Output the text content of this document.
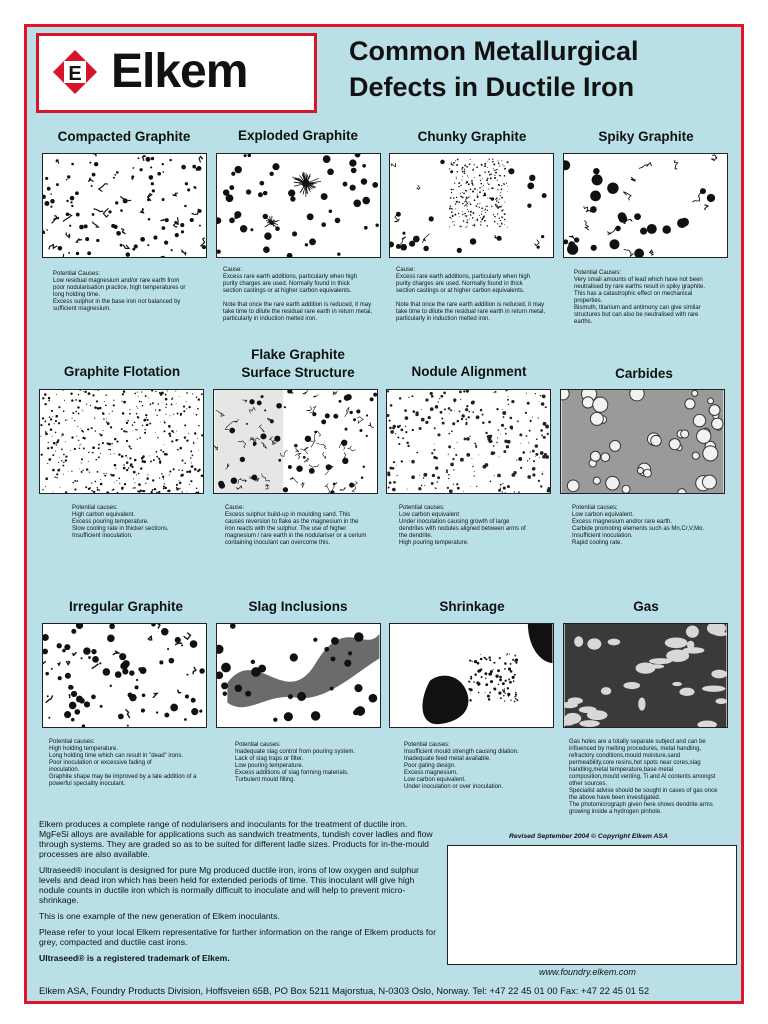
E Elkem	Common Metallurgical
Defects in Ductile Iron
Compacted Graphite	Exploded Graphite	Chunky Graphite	Spiky Graphite
Potential Causes:
Low residual magnesium and/or rare earth from
poor nodularisation practice, high temperatures or
long holding time.
Excess sulphur in the base iron not balanced by
sufficient magnesium.
Cause:
Excess rare earth additions, particularly when high
purity charges are used. Normally found in thick
section castings or at higher carbon equivalents.

Note that once the rare earth addition is reduced, it may
take time to dilute the residual rare earth in return metal,
particularly in induction melted iron.
Cause:
Excess rare earth additions, particularly when high
purity charges are used. Normally found in thick
section castings or at higher carbon equivalents.

Note that once the rare earth addition is reduced, it may
take time to dilute the residual rare earth in return metal,
particularly in induction melted iron.
Potential Causes:
Very small amounts of lead which have not been
neutralised by rare earths result in spiky graphite.
This has a catastrophic effect on mechanical
properties.
Bismuth, titanium and antimony can give similar
structures but can also be neutralised with rare
earths.
Graphite Flotation
Flake Graphite
Surface Structure	Nodule Alignment	Carbides
Potential causes:
High carbon equivalent.
Excess pouring temperature.
Slow cooling rate in thicker sections.
Insufficient inoculation.
Cause:
Excess sulphur build-up in moulding sand. This
causes reversion to flake as the magnesium in the
iron reacts with the sulphur. The use of higher
magnesium / rare earth in the nodulariser or a cerium
containing inoculant can overcome this.
Potential causes:
Low carbon equivalent
Under inoculation causing growth of large
dendrites with nodules aligned between arms of
the dendrite.
High pouring temperature.
Potential causes;
Low carbon equivalent.
Excess magnesium and/or rare earth.
Carbide promoting elements such as Mn,Cr,V,Mo.
Insufficient inoculation.
Rapid cooling rate.
Irregular Graphite	Slag Inclusions	Shrinkage	Gas
Potential causes:
High holding temperature.
Long holding time which can result in "dead" irons.
Poor inoculation or excessive fading of
inoculation.
Graphite shape may be improved by a late addition of a
powerful speciality inoculant.
Potential causes:
Inadequate slag control from pouring system.
Lack of slag traps or filter.
Low pouring temperature.
Excess additions of slag forming materials.
Turbulent mould filling.
Potential causes:
Insufficient mould strength causing dilation.
Inadequate feed metal available.
Poor gating design.
Excess magnesium.
Low carbon equivalent.
Under inoculation or over inoculation.
Gas holes are a totally separate subject and can be
influenced by melting procedures, metal handling,
refractory conditions,mould moisture,sand
permeability,core resins,hot spots near cores,slag
handling,metal temperature,base metal
composition,mould venting, Ti and Al contents amongst
other sources.
Specialist advise should be sought in cases of gas once
the above have been investigated.
The photomicrograph given here shows dendrite arms
growing inside a hydrogen pinhole.

Elkem produces a complete range of nodularisers and inoculants for the treatment of ductile iron. MgFeSi alloys are available for applications such as sandwich treatments, tundish cover ladles and flow through systems. They are graded so as to be suited for different ladle sizes. Products for in-the-mould processes are also available.

Ultraseed® inoculant is designed for pure Mg produced ductile iron, irons of low oxygen and sulphur levels and dead iron which has been held for extended periods of time. This inoculant will give high nodule counts in ductile iron which is normally difficult to inoculate and will help to prevent micro-shrinkage.

This is one example of the new generation of Elkem inoculants.

Please refer to your local Elkem representative for further information on the range of Elkem products for grey, compacted and ductile cast irons.

Ultraseed® is a registered trademark of Elkem.

Revised September 2004 © Copyright Elkem ASA
www.foundry.elkem.com
Elkem ASA, Foundry Products Division, Hoffsveien 65B, PO Box 5211 Majorstua, N-0303 Oslo, Norway. Tel: +47 22 45 01 00 Fax: +47 22 45 01 52
